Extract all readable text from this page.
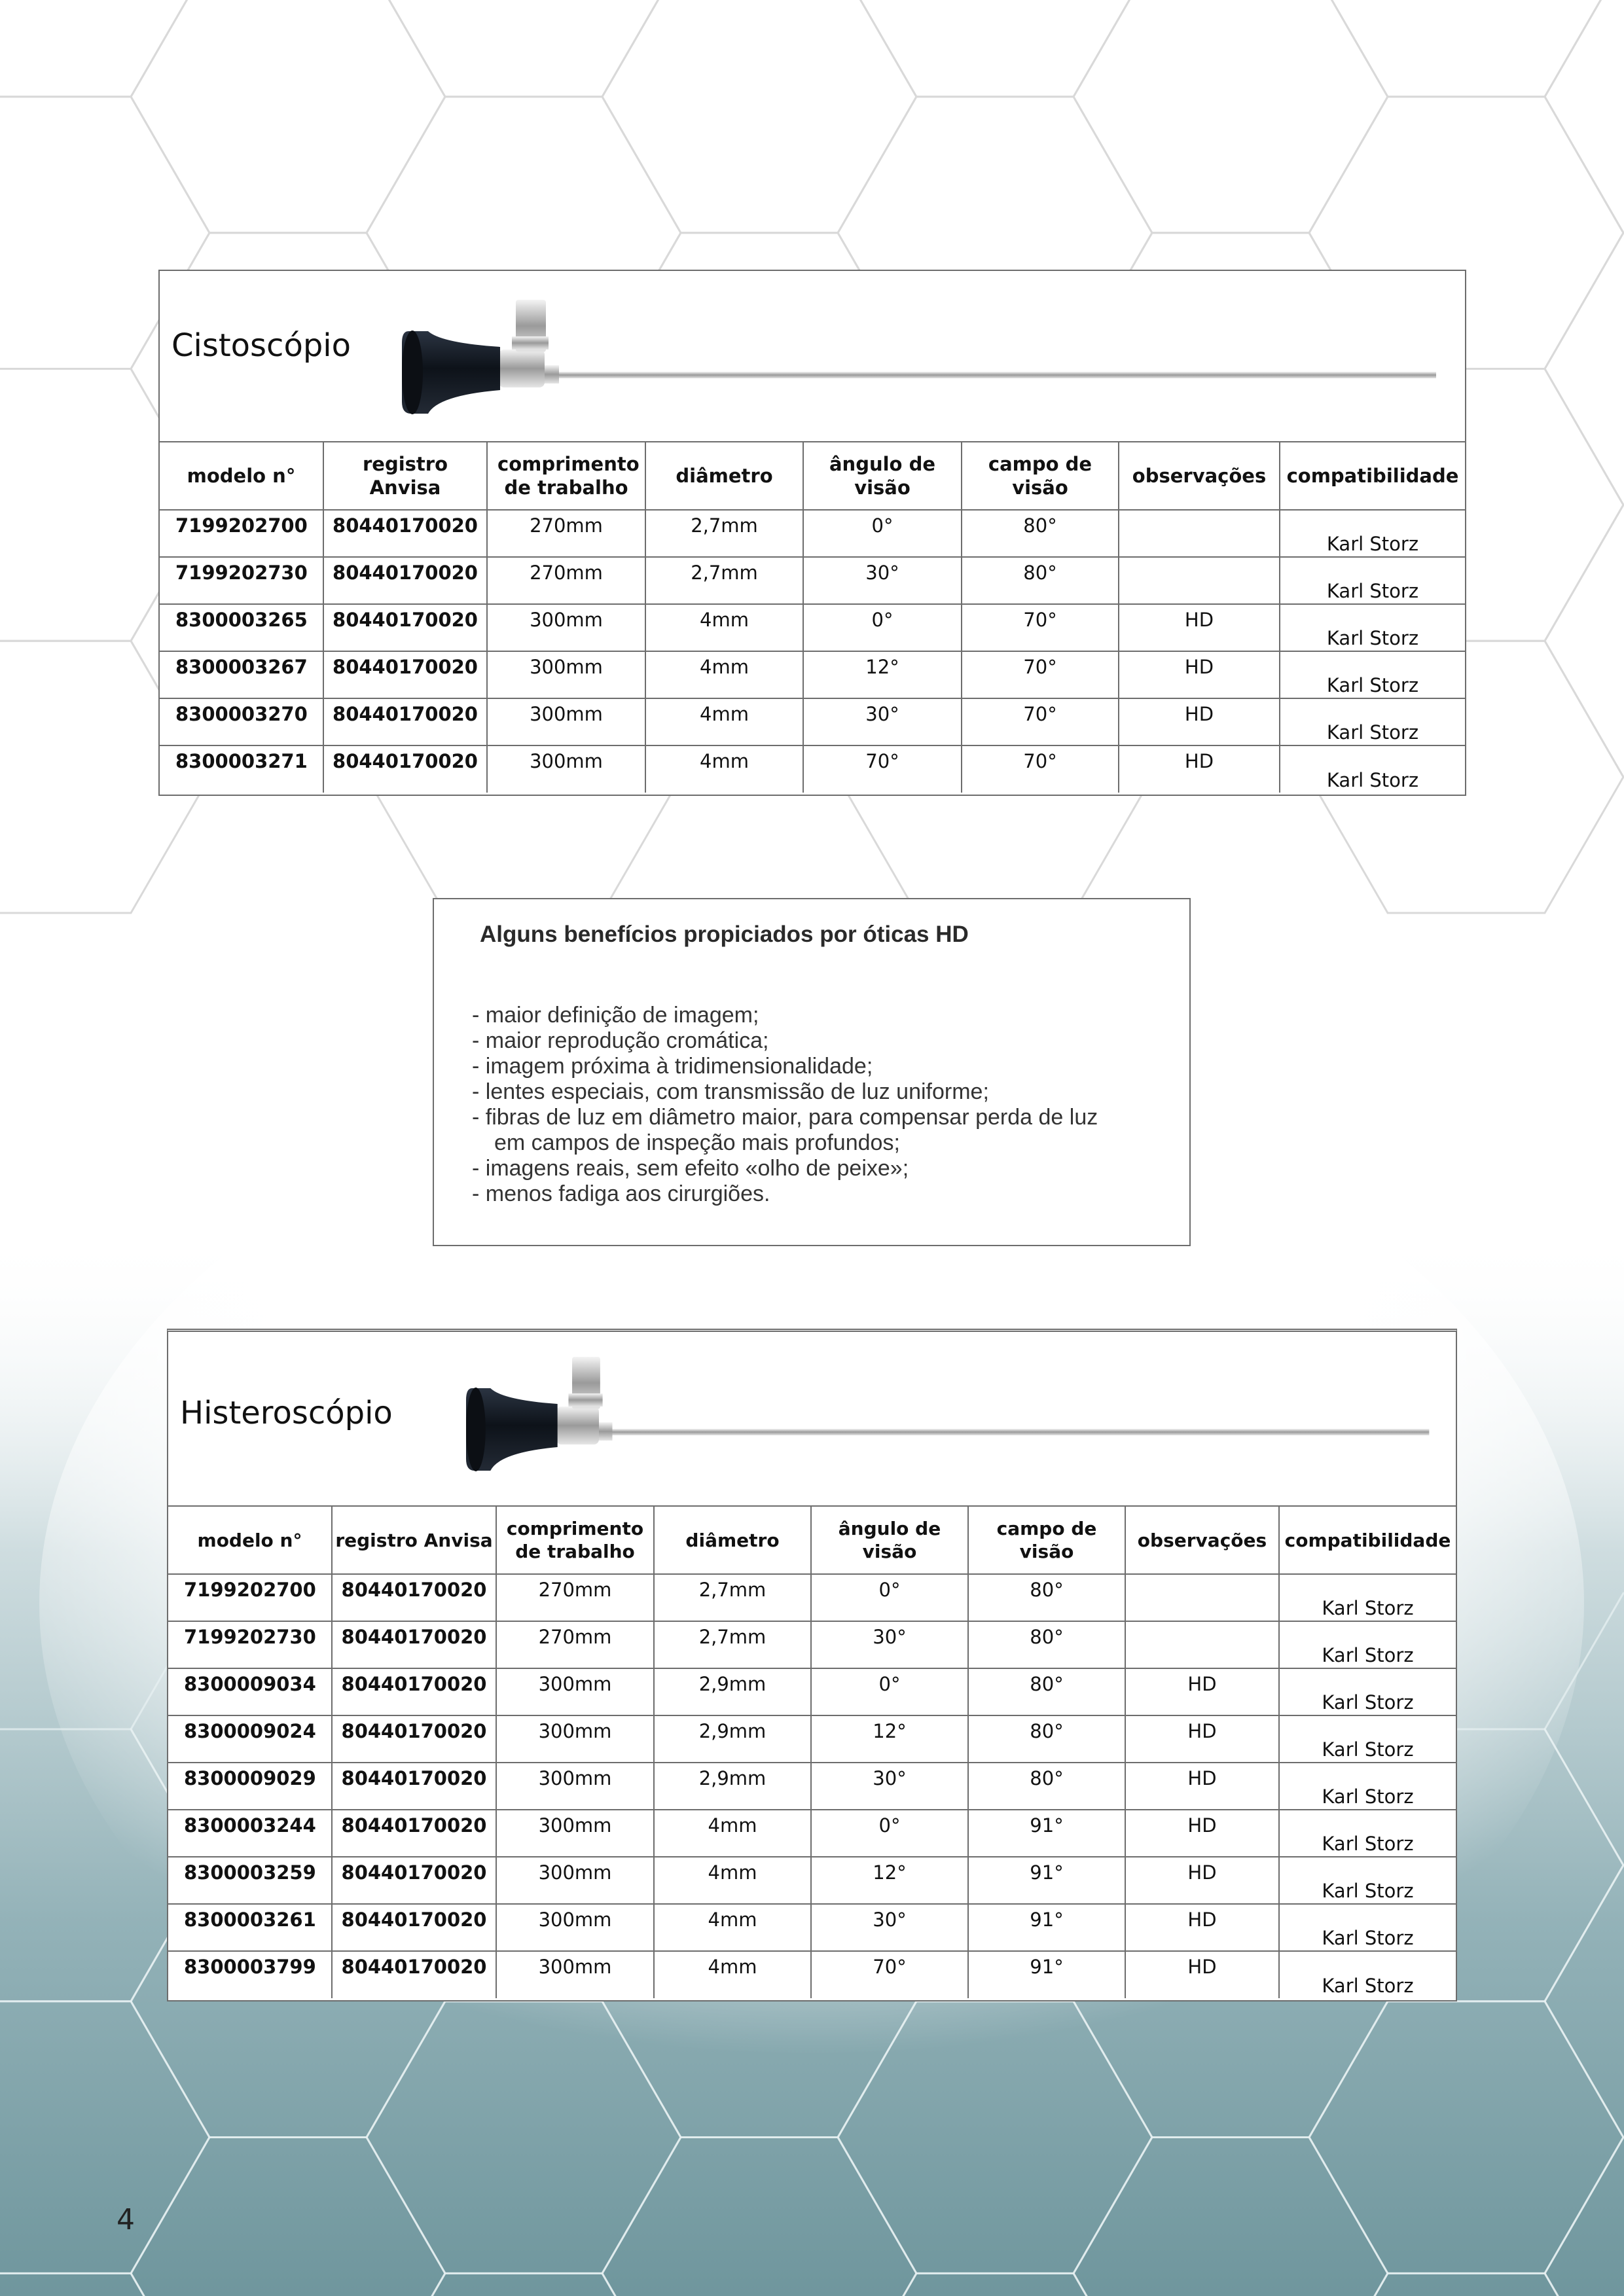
Cistoscópio
modelo n°	registro Anvisa	comprimento de trabalho	diâmetro	ângulo de visão	campo de visão	observações	compatibilidade
7199202700	80440170020	270mm	2,7mm	0°	80°		Karl Storz
7199202730	80440170020	270mm	2,7mm	30°	80°		Karl Storz
8300003265	80440170020	300mm	4mm	0°	70°	HD	Karl Storz
8300003267	80440170020	300mm	4mm	12°	70°	HD	Karl Storz
8300003270	80440170020	300mm	4mm	30°	70°	HD	Karl Storz
8300003271	80440170020	300mm	4mm	70°	70°	HD	Karl Storz
Alguns benefícios propiciados por óticas HD
- maior definição de imagem;
- maior reprodução cromática;
- imagem próxima à tridimensionalidade;
- lentes especiais, com transmissão de luz uniforme;
- fibras de luz em diâmetro maior, para compensar perda de luz
em campos de inspeção mais profundos;
- imagens reais, sem efeito «olho de peixe»;
- menos fadiga aos cirurgiões.
Histeroscópio
modelo n°	registro Anvisa	comprimento de trabalho	diâmetro	ângulo de visão	campo de visão	observações	compatibilidade
7199202700	80440170020	270mm	2,7mm	0°	80°		Karl Storz
7199202730	80440170020	270mm	2,7mm	30°	80°		Karl Storz
8300009034	80440170020	300mm	2,9mm	0°	80°	HD	Karl Storz
8300009024	80440170020	300mm	2,9mm	12°	80°	HD	Karl Storz
8300009029	80440170020	300mm	2,9mm	30°	80°	HD	Karl Storz
8300003244	80440170020	300mm	4mm	0°	91°	HD	Karl Storz
8300003259	80440170020	300mm	4mm	12°	91°	HD	Karl Storz
8300003261	80440170020	300mm	4mm	30°	91°	HD	Karl Storz
8300003799	80440170020	300mm	4mm	70°	91°	HD	Karl Storz
4
